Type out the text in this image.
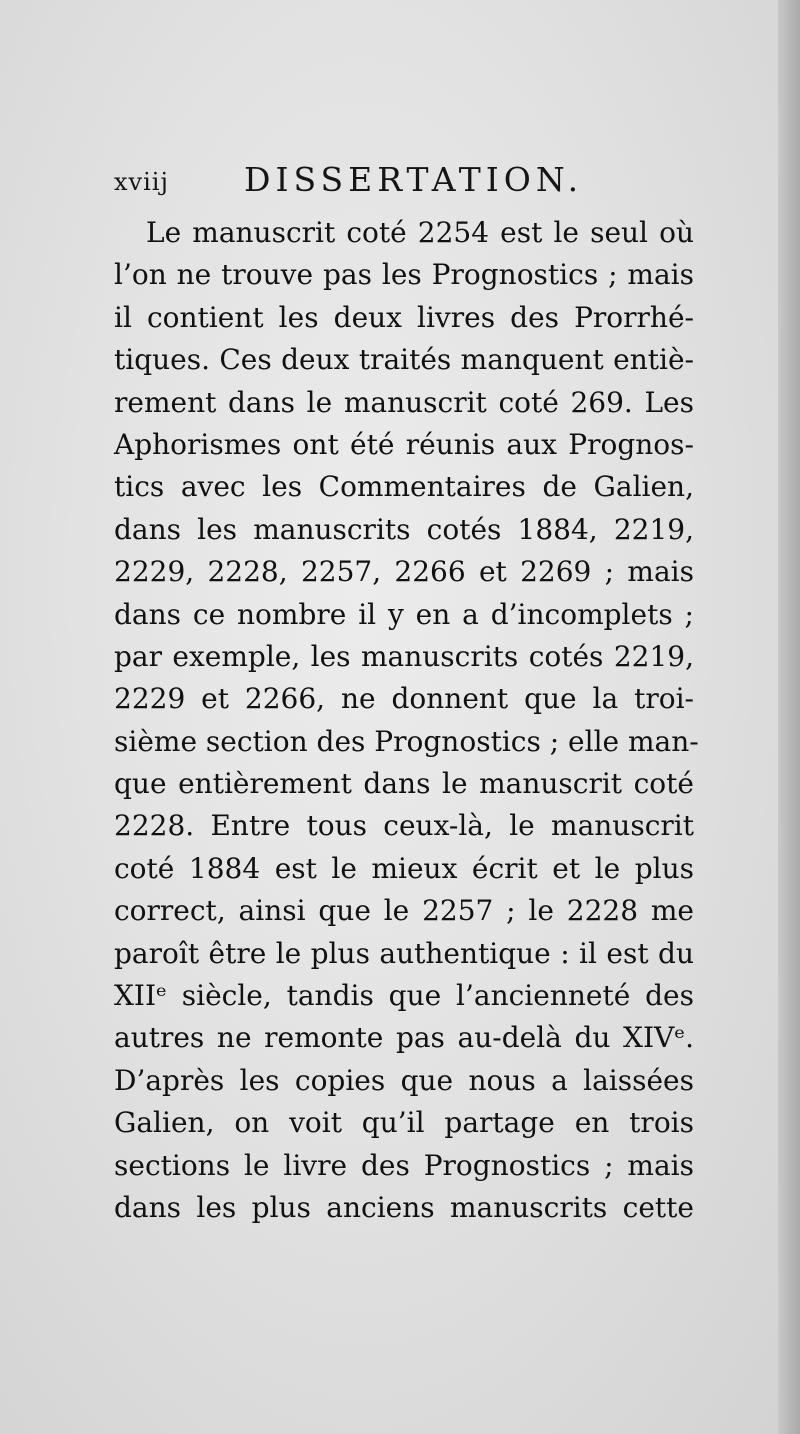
xviij DISSERTATION.
Le manuscrit coté 2254 est le seul où
l’on ne trouve pas les Prognostics ; mais
il contient les deux livres des Prorrhé-
tiques. Ces deux traités manquent entiè-
rement dans le manuscrit coté 269. Les
Aphorismes ont été réunis aux Prognos-
tics avec les Commentaires de Galien,
dans les manuscrits cotés 1884, 2219,
2229, 2228, 2257, 2266 et 2269 ; mais
dans ce nombre il y en a d’incomplets ;
par exemple, les manuscrits cotés 2219,
2229 et 2266, ne donnent que la troi-
sième section des Prognostics ; elle man-
que entièrement dans le manuscrit coté
2228. Entre tous ceux-là, le manuscrit
coté 1884 est le mieux écrit et le plus
correct, ainsi que le 2257 ; le 2228 me
paroît être le plus authentique : il est du
XIIᵉ siècle, tandis que l’ancienneté des
autres ne remonte pas au-delà du XIVᵉ.
D’après les copies que nous a laissées
Galien, on voit qu’il partage en trois
sections le livre des Prognostics ; mais
dans les plus anciens manuscrits cette
